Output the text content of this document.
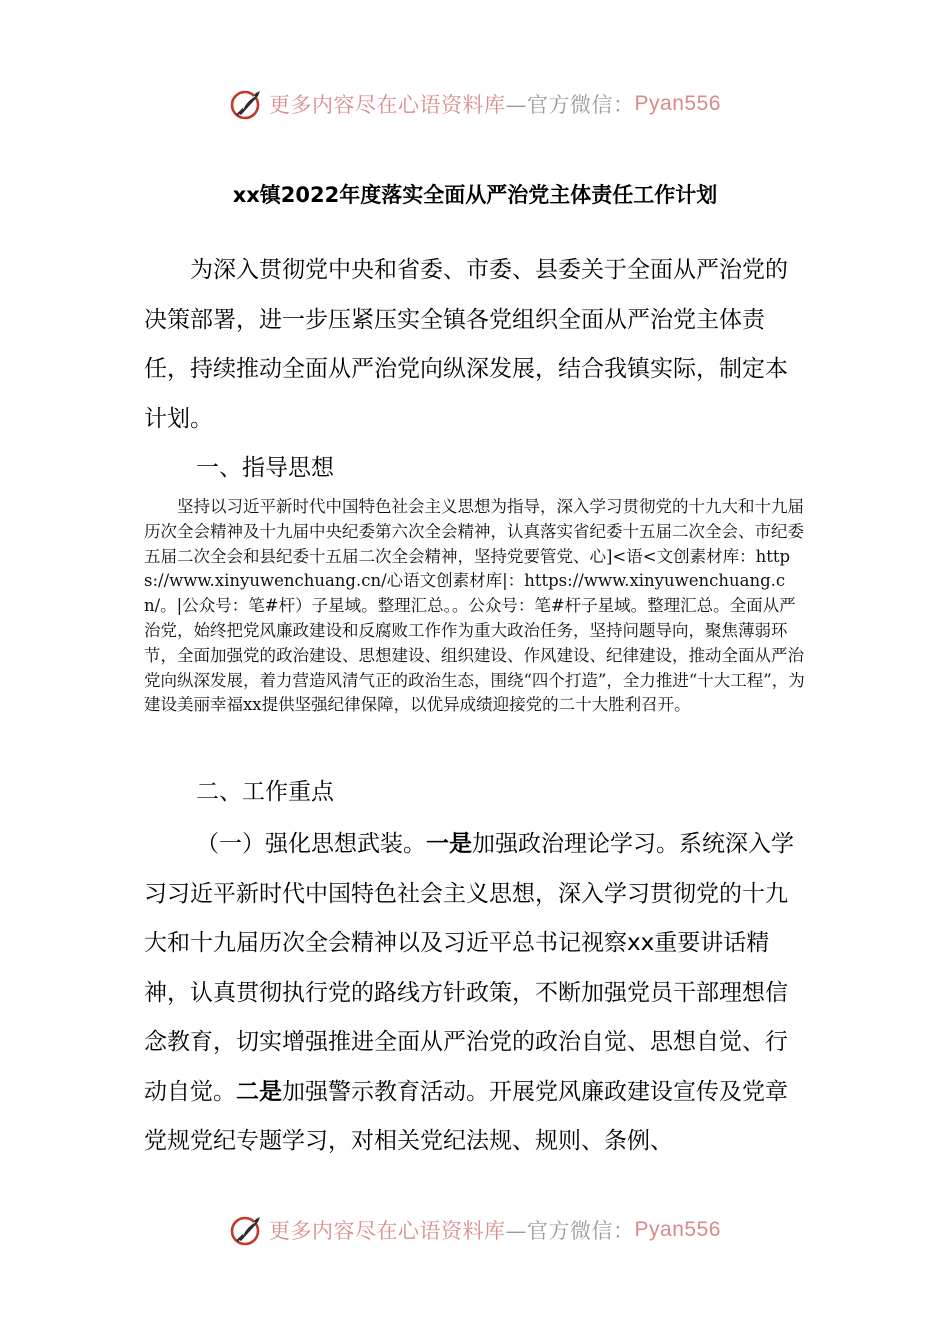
更多内容尽在心语资料库 —官方微信： Pyan556
xx镇2022年度落实全面从严治党主体责任工作计划

为深入贯彻党中央和省委、市委、县委关于全面从严治党的决策部署，进一步压紧压实全镇各党组织全面从严治党主体责任，持续推动全面从严治党向纵深发展，结合我镇实际，制定本计划。

一、指导思想

坚持以习近平新时代中国特色社会主义思想为指导，深入学习贯彻党的十九大和十九届历次全会精神及十九届中央纪委第六次全会精神，认真落实省纪委十五届二次全会、市纪委五届二次全会和县纪委十五届二次全会精神，坚持党要管党、心]<语<文创素材库：https://www.xinyuwenchuang.cn/心语文创素材库|：https://www.xinyuwenchuang.cn/。|公众号：笔#杆）子星域。整理汇总。。公众号：笔#杆子星域。整理汇总。全面从严治党，始终把党风廉政建设和反腐败工作作为重大政治任务，坚持问题导向，聚焦薄弱环节，全面加强党的政治建设、思想建设、组织建设、作风建设、纪律建设，推动全面从严治党向纵深发展，着力营造风清气正的政治生态，围绕“四个打造”，全力推进“十大工程”，为建设美丽幸福xx提供坚强纪律保障，以优异成绩迎接党的二十大胜利召开。

二、工作重点

（一）强化思想武装。一是加强政治理论学习。系统深入学习习近平新时代中国特色社会主义思想，深入学习贯彻党的十九大和十九届历次全会精神以及习近平总书记视察xx重要讲话精神，认真贯彻执行党的路线方针政策，不断加强党员干部理想信念教育，切实增强推进全面从严治党的政治自觉、思想自觉、行动自觉。二是加强警示教育活动。开展党风廉政建设宣传及党章党规党纪专题学习，对相关党纪法规、规则、条例、

更多内容尽在心语资料库 —官方微信： Pyan556
